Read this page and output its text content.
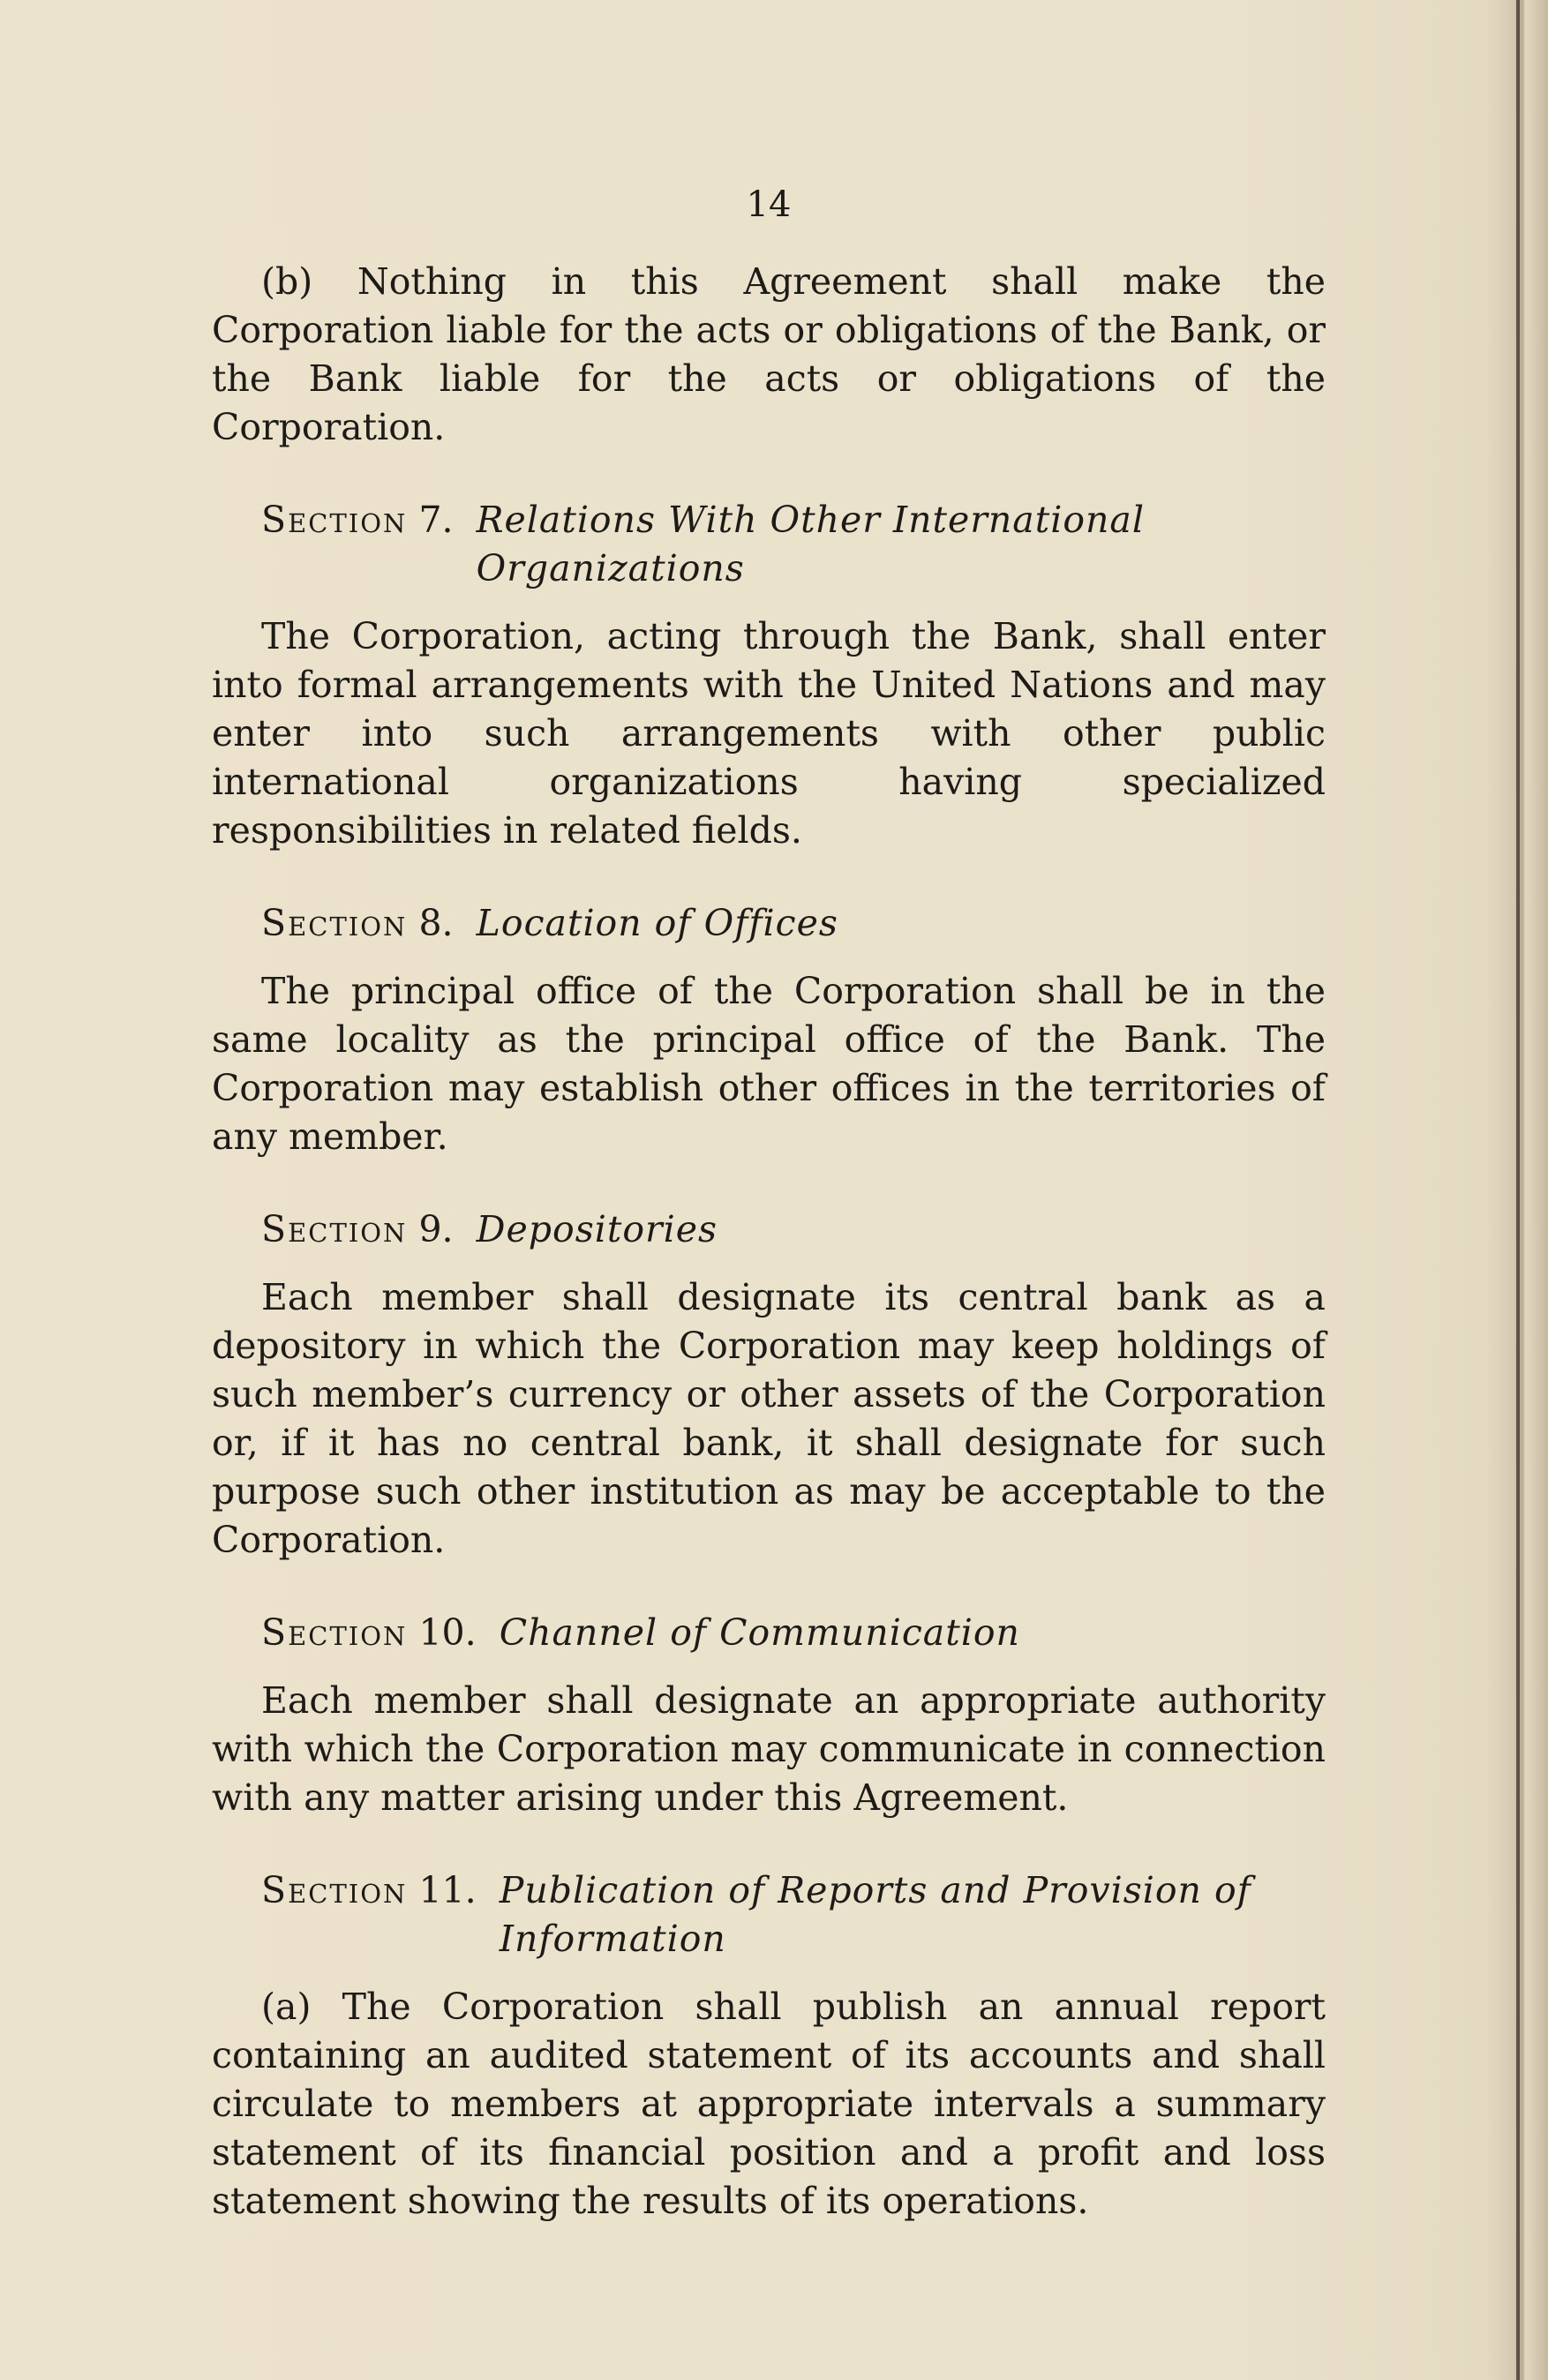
14

(b) Nothing in this Agreement shall make the Corporation liable for the acts or obligations of the Bank, or the Bank liable for the acts or obligations of the Corporation.

Section 7. Relations With Other International Organizations

The Corporation, acting through the Bank, shall enter into formal arrangements with the United Nations and may enter into such arrangements with other public international organizations having specialized responsibilities in related fields.

Section 8. Location of Offices

The principal office of the Corporation shall be in the same locality as the principal office of the Bank. The Corporation may establish other offices in the territories of any member.

Section 9. Depositories

Each member shall designate its central bank as a depository in which the Corporation may keep holdings of such member’s currency or other assets of the Corporation or, if it has no central bank, it shall designate for such purpose such other institution as may be acceptable to the Corporation.

Section 10. Channel of Communication

Each member shall designate an appropriate authority with which the Corporation may communicate in connection with any matter arising under this Agreement.

Section 11. Publication of Reports and Provision of Information

(a) The Corporation shall publish an annual report containing an audited statement of its accounts and shall circulate to members at appropriate intervals a summary statement of its financial position and a profit and loss statement showing the results of its operations.
